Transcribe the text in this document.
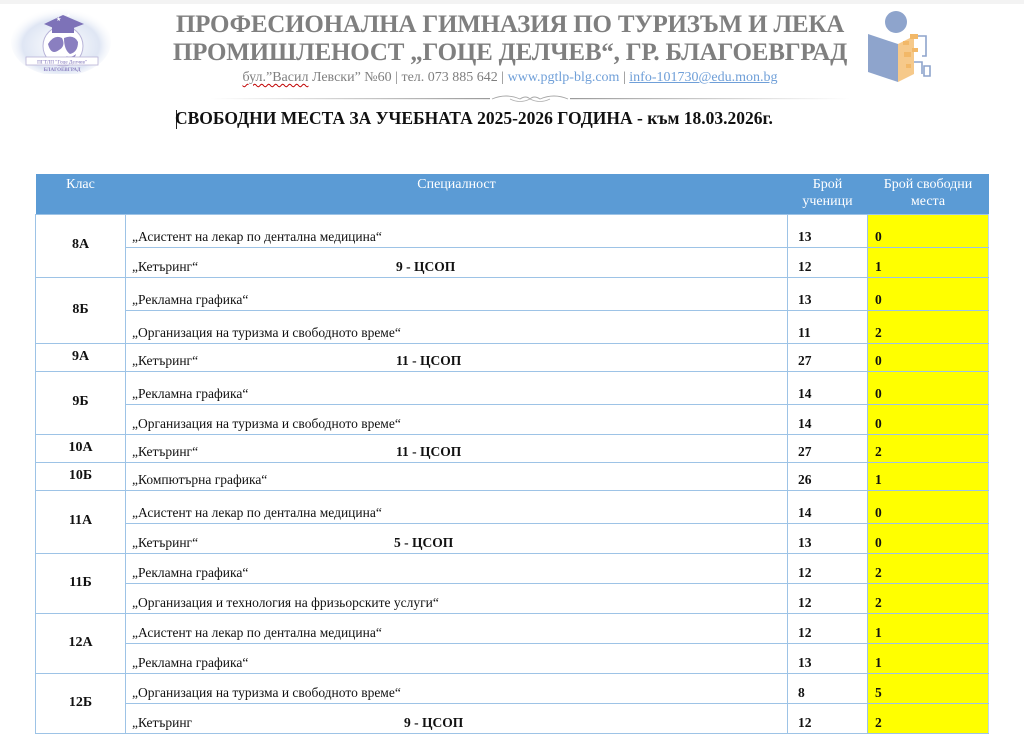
★
▲
ПГТЛП "Гоце Делчев"
БЛАГОЕВГРАД
ПРОФЕСИОНАЛНА ГИМНАЗИЯ ПО ТУРИЗЪМ И ЛЕКА
ПРОМИШЛЕНОСТ „ГОЦЕ ДЕЛЧЕВ“, ГР. БЛАГОЕВГРАД
бул.”Васил Левски” №60 | тел. 073 885 642 | www.pgtlp-blg.com | info-101730@edu.mon.bg
СВОБОДНИ МЕСТА ЗА УЧЕБНАТА 2025-2026 ГОДИНА - към 18.03.2026г.
Клас	Специалност	Брой ученици	Брой свободни места
8А	„Асистент на лекар по дентална медицина“	13	0
	„Кетъринг“ 9 - ЦСОП	12	1
8Б	„Рекламна графика“	13	0
	„Организация на туризма и свободното време“	11	2
9А	„Кетъринг“ 11 - ЦСОП	27	0
9Б	„Рекламна графика“	14	0
	„Организация на туризма и свободното време“	14	0
10А	„Кетъринг“ 11 - ЦСОП	27	2
10Б	„Компютърна графика“	26	1
11А	„Асистент на лекар по дентална медицина“	14	0
	„Кетъринг“ 5 - ЦСОП	13	0
11Б	„Рекламна графика“	12	2
	„Организация и технология на фризьорските услуги“	12	2
12А	„Асистент на лекар по дентална медицина“	12	1
	„Рекламна графика“	13	1
12Б	„Организация на туризма и свободното време“	8	5
	„Кетъринг 9 - ЦСОП	12	2
